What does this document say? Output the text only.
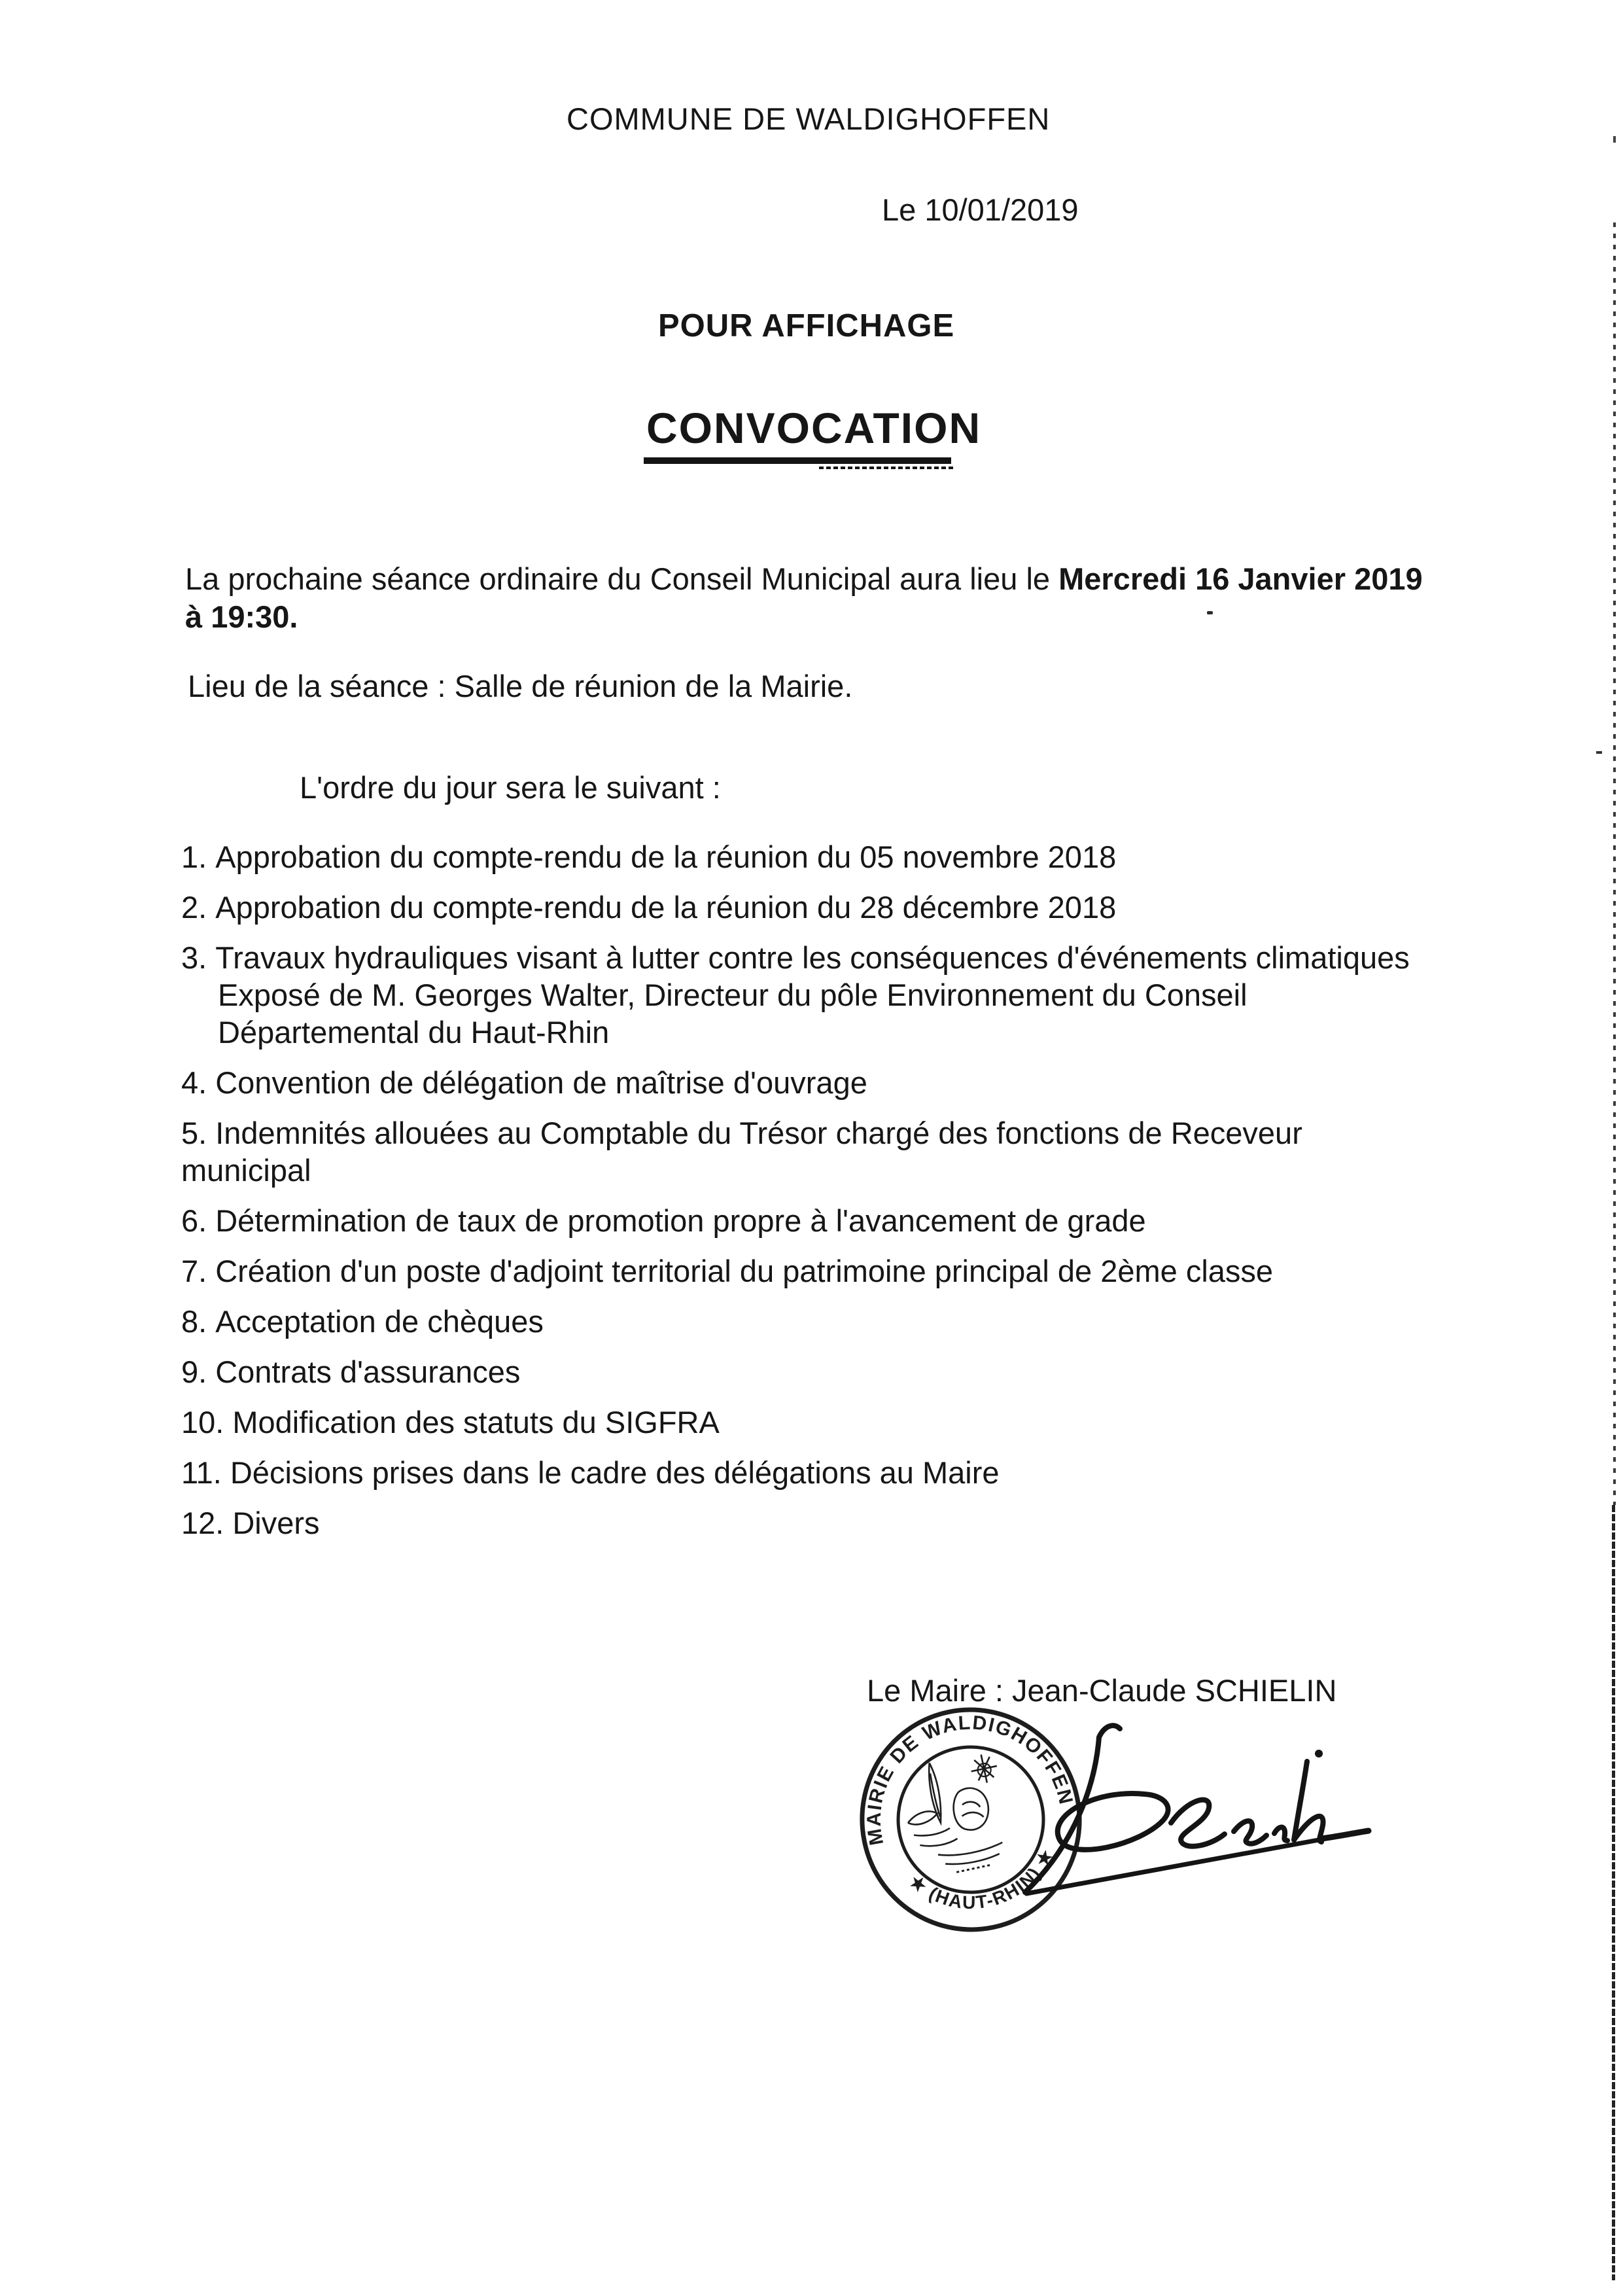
COMMUNE DE WALDIGHOFFEN
Le 10/01/2019
POUR AFFICHAGE
CONVOCATION
La prochaine séance ordinaire du Conseil Municipal aura lieu le Mercredi 16 Janvier 2019
à 19:30.
Lieu de la séance : Salle de réunion de la Mairie.
L'ordre du jour sera le suivant :
1. Approbation du compte-rendu de la réunion du 05 novembre 2018
2. Approbation du compte-rendu de la réunion du 28 décembre 2018
3. Travaux hydrauliques visant à lutter contre les conséquences d'événements climatiques
Exposé de M. Georges Walter, Directeur du pôle Environnement du Conseil
Départemental du Haut-Rhin
4. Convention de délégation de maîtrise d'ouvrage
5. Indemnités allouées au Comptable du Trésor chargé des fonctions de Receveur
municipal
6. Détermination de taux de promotion propre à l'avancement de grade
7. Création d'un poste d'adjoint territorial du patrimoine principal de 2ème classe
8. Acceptation de chèques
9. Contrats d'assurances
10. Modification des statuts du SIGFRA
11. Décisions prises dans le cadre des délégations au Maire
12. Divers
Le Maire : Jean-Claude SCHIELIN
MAIRIE DE WALDIGHOFFEN
★ (HAUT-RHIN) ★
